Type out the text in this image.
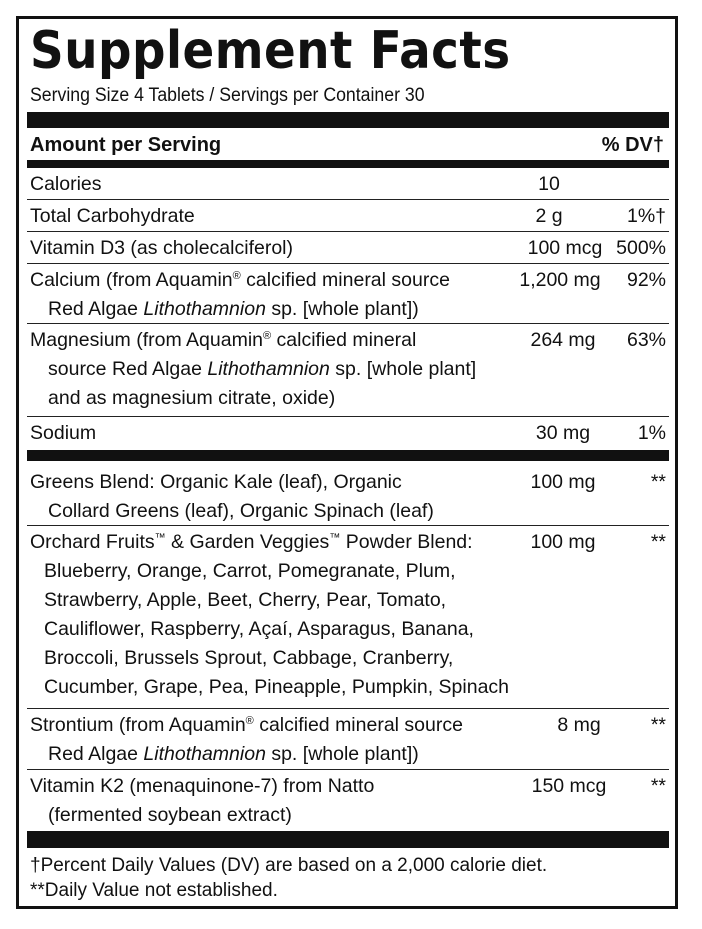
Supplement Facts
Serving Size 4 Tablets / Servings per Container 30
Amount per Serving	% DV†
Calories	10
Total Carbohydrate	2 g	1%†
Vitamin D3 (as cholecalciferol)	100 mcg 500%
Calcium (from Aquamin® calcified mineral source
Red Algae Lithothamnion sp. [whole plant])
1,200 mg	92%
Magnesium (from Aquamin® calcified mineral
source Red Algae Lithothamnion sp. [whole plant]
and as magnesium citrate, oxide)
264 mg	63%
Sodium	30 mg	1%
Greens Blend: Organic Kale (leaf), Organic
Collard Greens (leaf), Organic Spinach (leaf)
100 mg	**
Orchard Fruits™ & Garden Veggies™ Powder Blend:
Blueberry, Orange, Carrot, Pomegranate, Plum,
Strawberry, Apple, Beet, Cherry, Pear, Tomato,
Cauliflower, Raspberry, Açaí, Asparagus, Banana,
Broccoli, Brussels Sprout, Cabbage, Cranberry,
Cucumber, Grape, Pea, Pineapple, Pumpkin, Spinach
100 mg	**
Strontium (from Aquamin® calcified mineral source
Red Algae Lithothamnion sp. [whole plant])
8 mg	**
Vitamin K2 (menaquinone-7) from Natto
(fermented soybean extract)
150 mcg	**
†Percent Daily Values (DV) are based on a 2,000 calorie diet.
**Daily Value not established.
